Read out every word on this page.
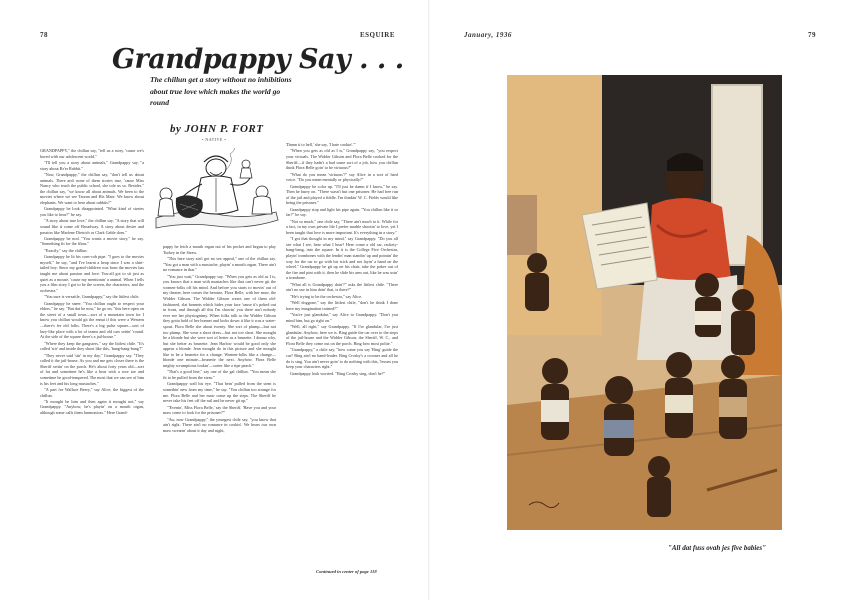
78	ESQUIRE
Grandpappy Say . . .
The chillun get a story without no inhibitions about true love which makes the world go round
by JOHN P. FORT
• NATIVE •

GRANDPAPPY," the chillun say, "tell us a story, 'cause we's bored with our adolescent world."

"I'll tell you a story about animals," Grandpappy say, "a story about Br'er Rabbit."

"Naw, Grandpappy," the chillun say, "don't tell us about animals. There ain't none of them stories true, 'cause Miss Nancy who teach the public school, she tole us so. Besides," the chillun say, "we know all about animals. We been to the movies where we see Tarzan and His Mate. We know about elephants. We want to hear about rabbits?"

Grandpappy he look disappointed. "What kind of stories you like to hear?" he say.

"A story about true love," the chillun say, "A story that will sound like it come off Broadway. A story about desire and passion like Marlene Dietrich or Clark Gable does."

Grandpappy he nod. "You wants a movie story," he say. "Something fit for the films."

"Exactly," say the chillun.

Grandpappy he lit his corn-cob pipe. "I goes to the movies myself," he say, "and I've learnt a heap since I was a shirt-tailed boy. Since my grand-children was born the movies has taught me about passion and love. You-all got to sit just as quiet as a mouse, 'cause my mentionin' a animal. When I tells you a film story I got to be the screen, the characters, and the orchestra."

"You sure is versatile, Grandpappy," say the littlest chile.

Grandpappy he sneer. "You chillun ought to respect your elders," he say. "But dat be now," he go on, "this here open on the street of a small town—sort of a mountain town for I know you chillun would git the ennui if this were a Western—there's fer old folks. There's a big pulse square—sort of lazy-like place with a lot of teams and old cars settin' 'round. At the side of the square there's a jail-house."

"Where they keep the gangsters," say the littlest chile. "It's called 'stir' and inside they shoot like this, 'bang-bang-bang'!"

"They never said 'stir' in my day," Grandpappy say. "They called it the jail-house. As you and me gets closer there is the Sheriff settin' on the porch. He's about forty years old—sort of fat and sometime he's like a bear with a sore toe and sometime he good-tempered. The most that we can see of him is his feet and his long mustaches."

"A part for Wallace Beery," say Alice, the biggest of the chillun.

"It mought be him and then again it mought not," say Grandpappy. "Anyhow, he's playin' on a mouth organ, although some calls them harmonicas." Here Grand-

pappy he fetch a mouth organ out of his pocket and begun to play Turkey in the Straw.

"This here story ain't got no sex appeal," one of the chillun say. "You got a man with a mustache, playin' a mouth organ. There ain't no romance in that."

"You just wait," Grandpappy say. "When you gets as old as I is, you knows that a man with mustaches like that can't never git the women-folks off his mind. And before you starts to movin' out of my theater, here comes the heroine, Flora Belle, with her maw, the Widder Gibson. The Widder Gibson wears one of them old-fashioned, slat bonnets which hides your face 'cause it's poked out in front, and through all this I'm showin' you there ain't nobody ever see her physiognimy. When folks talk to the Widder Gibson they gotta hold of her bonnet and looks down it like it was a water-spout. Flora Belle she about twenty. She sort of plump—but not too plump. She wear a short dress—but not too short. She mought be a blonde but she were sort of better as a brunette. I dunno why, but she better as brunette. Jean Harlow would be good only she appear a blonde. Jean mought do in this picture and she mought like to be a brunette for a change. Women-folks like a change—blonde one minute—brunette the next. Anyhow, Flora Belle mighty scrumptious lookin'—sorter like a ripe peach."

"That's a good line," say one of the gal chillun. "You mean she fit to be pulled from the stem."

Grandpappy wall his eye. "That bein' pulled from the stem is somethin' new from my time," he say. "You chillun too strange for me. Flora Belle and her maw come up the steps. The Sheriff he never take his feet off the rail and he never git up."

"'Evenin', Miss Flora Belle,' say the Sheriff. 'Have you and your maw come to look for the prisoner?'"

"Aw, now Grandpappy," the youngest chile say, "you know that ain't right. There ain't no romance in cookin'. We hears our own maw swearin' about it day and night,

'Damn it to hell,' she say, 'I hate cookin'.'"

"When you gets as old as I is," Grandpappy say, "you respect your victuals. The Widder Gibson and Flora Belle cooked for the Sheriff—if they hadn't a bad some sort of a job, how you chillun think Flora Belle goin' to be virtuous?"

"What do you mean 'virtuous'?" say Alice in a sort of hard voice. "Do you mean mentally or physically?"

Grandpappy he color up. "I'll just be damn if I know," he say. Then he hurry on. "There wasn't but one prisoner. He had free run of the jail and played a fiddle. I'm thinkin' W. C. Fields would like being the prisoner."

Grandpappy stop and light his pipe again. "You chillun like it so far?" he say.

"Not so much," one chile say, "There ain't much to it. While for a fact, in my own private life I prefer marble shootin' to love, yet I been taught that love is more important. It's everything in a story."

"I got that thought in my mind," say Grandpappy. "Do you all see what I see, hear what I hear? Here come a old car, rackety-bang-bang, into the square. In it is the College Five Orchestra, playin' trombones with the lendin' man standin' up and pointin' the way for the car to go with his stick and not layin' a hand on the wheel." Grandpappy he git up on his chair, take the poker out of the fire and pint with it, then he slide his arm out, like he was usin' a trombone.

"What all is Grandpappy doin'?" asks the littlest chile. "There ain't no use in him doin' that, is there?"

"He's trying to be the orchestra," say Alice.

"Well doggone," say the littlest chile, "don't he think I done have my imagination trained?"

"You're just glandular," say Alice to Grandpappy. "Don't you mind him, but go right on."

"Well, all right," say Grandpappy. "If I'se glandular, I'se just glandular. Anyhow, here we is. Bing guide the car over to the steps of the jail-house and the Widder Gibson, the Sheriff, W. C., and Flora Belle they come out on the porch. Bing bow most polite."

"Grandpappy," a chile say, "how come you say 'Bing' guide the car? Bing ain't no band-leader. Bing Crosby's a crooner and all he do is sing. You ain't never goin' to do nothing with this, 'lessen you keep your characters right."

Grandpappy look worried. "Bing Crosby sing, don't he?"

Continued in center of page 118
January, 1936	79
"All dat fuss ovah jes five babies"
